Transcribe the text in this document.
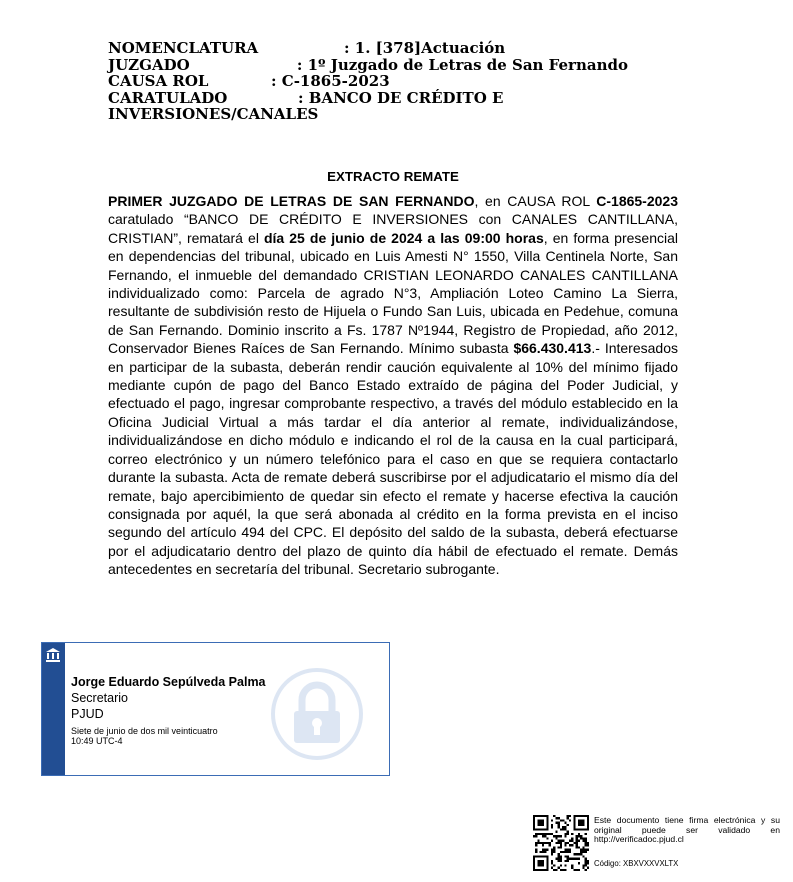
NOMENCLATURA	: 1. [378]Actuación
JUZGADO	: 1º Juzgado de Letras de San Fernando
CAUSA ROL	: C-1865-2023
CARATULADO	: BANCO DE CRÉDITO E
INVERSIONES/CANALES
EXTRACTO REMATE
PRIMER JUZGADO DE LETRAS DE SAN FERNANDO, en CAUSA ROL C-1865-2023 caratulado “BANCO DE CRÉDITO E INVERSIONES con CANALES CANTILLANA, CRISTIAN”, rematará el día 25 de junio de 2024 a las 09:00 horas, en forma presencial en dependencias del tribunal, ubicado en Luis Amesti N° 1550, Villa Centinela Norte, San Fernando, el inmueble del demandado CRISTIAN LEONARDO CANALES CANTILLANA individualizado como: Parcela de agrado N°3, Ampliación Loteo Camino La Sierra, resultante de subdivisión resto de Hijuela o Fundo San Luis, ubicada en Pedehue, comuna de San Fernando. Dominio inscrito a Fs. 1787 Nº1944, Registro de Propiedad, año 2012, Conservador Bienes Raíces de San Fernando. Mínimo subasta $66.430.413.- Interesados en participar de la subasta, deberán rendir caución equivalente al 10% del mínimo fijado mediante cupón de pago del Banco Estado extraído de página del Poder Judicial, y efectuado el pago, ingresar comprobante respectivo, a través del módulo establecido en la Oficina Judicial Virtual a más tardar el día anterior al remate, individualizándose, individualizándose en dicho módulo e indicando el rol de la causa en la cual participará, correo electrónico y un número telefónico para el caso en que se requiera contactarlo durante la subasta. Acta de remate deberá suscribirse por el adjudicatario el mismo día del remate, bajo apercibimiento de quedar sin efecto el remate y hacerse efectiva la caución consignada por aquél, la que será abonada al crédito en la forma prevista en el inciso segundo del artículo 494 del CPC. El depósito del saldo de la subasta, deberá efectuarse por el adjudicatario dentro del plazo de quinto día hábil de efectuado el remate. Demás antecedentes en secretaría del tribunal. Secretario subrogante.
Jorge Eduardo Sepúlveda Palma
Secretario
PJUD
Siete de junio de dos mil veinticuatro
10:49 UTC-4
Este documento tiene firma electrónica y su original puede ser validado en http://verificadoc.pjud.cl
Código: XBXVXXVXLTX
